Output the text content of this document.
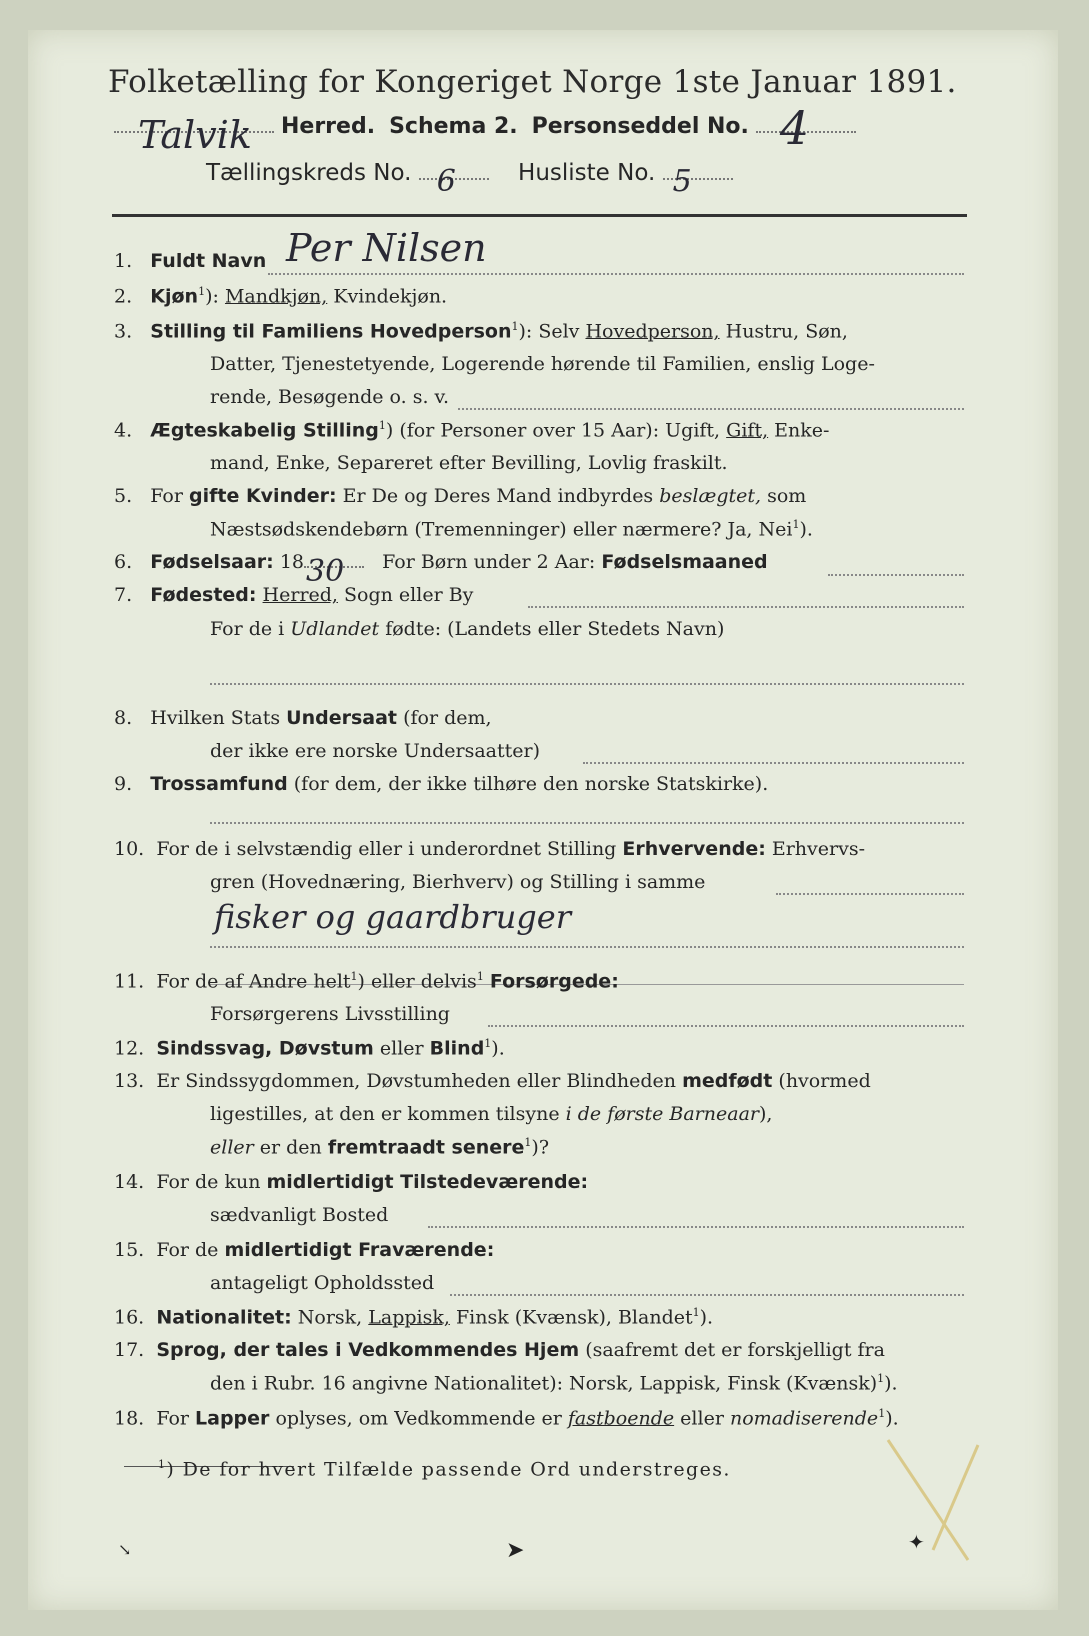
Folketælling for Kongeriget Norge 1ste Januar 1891.
Talvik Herred. Schema 2. Personseddel No. 4
Tællingskreds No. 6	Husliste No. 5
1. Fuldt Navn Per Nilsen
2. Kjøn$^1$): Mandkjøn, Kvindekjøn.
3. Stilling til Familiens Hovedperson$^1$): Selv Hovedperson, Hustru, Søn,
Datter, Tjenestetyende, Logerende hørende til Familien, enslig Loge-
rende, Besøgende o. s. v.
4. Ægteskabelig Stilling$^1$) (for Personer over 15 Aar): Ugift, Gift, Enke-
mand, Enke, Separeret efter Bevilling, Lovlig fraskilt.
5. For gifte Kvinder: Er De og Deres Mand indbyrdes beslægtet, som
Næstsødskendebørn (Tremenninger) eller nærmere? Ja, Nei$^1$).
6. Fødselsaar: 18 30 For Børn under 2 Aar: Fødselsmaaned
7. Fødested: Herred, Sogn eller By
For de i Udlandet fødte: (Landets eller Stedets Navn)
8. Hvilken Stats Undersaat (for dem,
der ikke ere norske Undersaatter)
9. Trossamfund (for dem, der ikke tilhøre den norske Statskirke).
10. For de i selvstændig eller i underordnet Stilling Erhvervende: Erhvervs-
gren (Hovednæring, Bierhverv) og Stilling i samme
fisker og gaardbruger
11. For de af Andre helt$^1$) eller delvis$^1$ Forsørgede:
Forsørgerens Livsstilling
12. Sindssvag, Døvstum eller Blind$^1$).
13. Er Sindssygdommen, Døvstumheden eller Blindheden medfødt (hvormed
ligestilles, at den er kommen tilsyne i de første Barneaar),
eller er den fremtraadt senere$^1$)?
14. For de kun midlertidigt Tilstedeværende:
sædvanligt Bosted
15. For de midlertidigt Fraværende:
antageligt Opholdssted
16. Nationalitet: Norsk, Lappisk, Finsk (Kvænsk), Blandet$^1$).
17. Sprog, der tales i Vedkommendes Hjem (saafremt det er forskjelligt fra
den i Rubr. 16 angivne Nationalitet): Norsk, Lappisk, Finsk (Kvænsk)$^1$).
18. For Lapper oplyses, om Vedkommende er fastboende eller nomadiserende$^1$).
$^1$) De for hvert Tilfælde passende Ord understreges.
➤	✦
↘
